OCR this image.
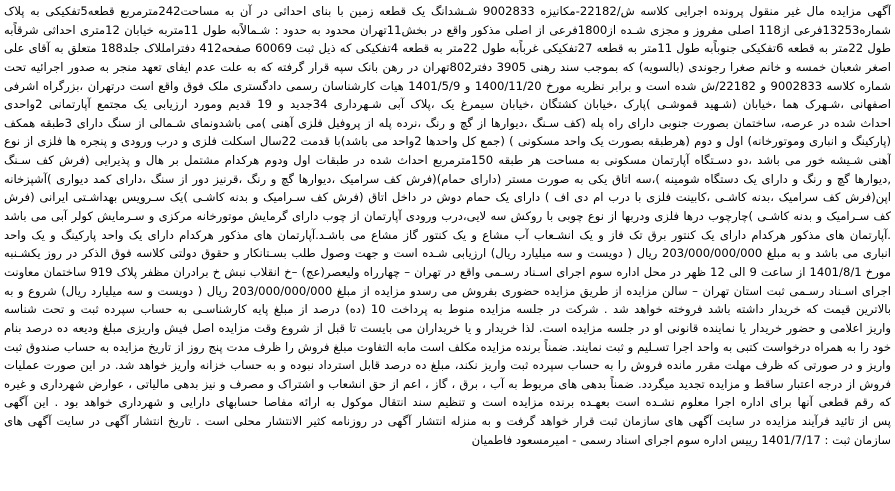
آگهی مزایده مال غیر منقول پرونده اجرایی کلاسه ش/22182-مکانیزه 9002833 شـشدانگ یک قطعه زمین با بنای احداثی در آن به مساحت242مترمربع قطعه5تفکیکی به پلاک
شماره13253فرعی از118 اصلی مفروز و مجزی شـده از1800فرعی از اصلی مذکور واقع در بخش11تهران محدود به حدود : شـمالاًبه طول 11متربه خیابان 12متری احداثی شرقاًبه
طول 22متر به قطعه 6تفکیکی جنوباًبه طول 11متر به قطعه 27تفکیکی غرباًبه طول 22متر به قطعه 4تفکیکی که ذیل ثبت 60069 صفحه412 دفترامللاک جلد188 متعلق به آقای علی
اصغر شعبان خمسه و خانم صغرا رجوندی (بالسویه) که بموجب سند رهنی 3905 دفتر802تهران در رهن بانک سپه قرار گرفته که به علت عدم ایفای تعهد منجر به صدور اجرائیه تحت
شماره کلاسه 9002833 و 22182/ش شده است و برابر نظریه مورخ 1400/11/20 و 1401/5/9 هیات کارشناسان رسمی دادگستری ملک فوق واقع است درتهران ،بزرگراه اشرفی
اصفهانی ،شـهرک هما ،خیابان (شـهید قموشـی )پارک ،خیابان کشتگان ،خیابان سیمرغ یک ،پلاک آبی شـهرداری 34جدید و 19 قدیم ومورد ارزیابی یک مجتمع آپارتمانی 2واحدی
احداث شده در عرصه، ساختمان بصورت جنوبی دارای راه پله (کف سـنگ ،دیوارها از گچ و رنگ ،نرده پله از پروفیل فلزی آهنی )می باشدونمای شـمالی از سنگ دارای 3طبقه همکف
(پارکینگ و انباری وموتورخانه) اول و دوم (هرطبقه بصورت یک واحد مسکونی ) (جمع کل واحدها 2واحد می باشد)با قدمت 22سال اسکلت فلزی و درب ورودی و پنجره ها فلزی از نوع
آهنی شـیشه خور می باشد ،دو دسـتگاه آپارتمان مسکونی به مساحت هر طبقه 150مترمربع احداث شده در طبقات اول ودوم هرکدام مشتمل بر هال و پذیرایی (فرش کف سـنگ
,دیوارها گچ و رنگ و دارای یک دستگاه شومینه )،سه اتاق یکی به صورت مستر (دارای حمام)(فرش کف سرامیک ،دیوارها گچ و رنگ ،قرنیز دور از سنگ ،دارای کمد دیواری )آشپزخانه
اپن(فرش کف سرامیک ،بدنه کاشـی ،کابینت فلزی با درب ام دی اف ) دارای یک حمام دوش در داخل اتاق (فرش کف سـرامیک و بدنه کاشـی )یک سـرویس بهداشـتی ایرانی (فرش
کف سـرامیک و بدنه کاشـی )چارچوب درها فلزی ودربها از نوع چوبی با روکش سه لایی،درب ورودی آپارتمان از چوب دارای گرمایش موتورخانه مرکزی و سـرمایش کولر آبی می باشد
.آپارتمان های مذکور هرکدام دارای یک کنتور برق تک فاز و یک انشـعاب آب مشاع و یک کنتور گاز مشاع می باشـد.آپارتمان های مذکور هرکدام دارای یک واحد پارکینگ و یک واحد
انباری می باشد و به مبلغ 203/000/000/000 ریال ( دویست و سه میلیارد ریال) ارزیابی شـده است و جهت وصول طلب بسـتانکار و حقوق دولتی کلاسه فوق الذکر در روز یکشـنبه
مورخ 1401/8/1 از ساعت 9 الی 12 ظهر در محل اداره سوم اجرای اسـناد رسـمی واقع در تهران – چهارراه ولیعصر(عج) –خ انقلاب نبش خ برادران مظفر پلاک 919 ساختمان معاونت
اجرای اسـناد رسـمی ثبت استان تهران – سالن مزایده از طریق مزایده حضوری بفروش می رسدو مزایده از مبلغ 203/000/000/000 ریال ( دویست و سه میلیارد ریال) شروع و به
بالاترین قیمت که خریدار داشته باشد فروخته خواهد شد . شرکت در جلسه مزایده منوط به پرداخت 10 (ده) درصد از مبلغ پایه کارشناسـی به حساب سپرده ثبت و تحت شناسه
واریز اعلامی و حضور خریدار یا نماینده قانونی او در جلسه مزایده است. لذا خریدار و یا خریداران می بایست تا قبل از شروع وقت مزایده اصل فیش واریزی مبلغ ودیعه ده درصد بنام
خود را به همراه درخواست کتبی به واحد اجرا تسـلیم و ثبت نمایند. ضمناً برنده مزایده مکلف است مابه التفاوت مبلغ فروش را ظرف مدت پنج روز از تاریخ مزایده به حساب صندوق ثبت
واریز و در صورتی که ظرف مهلت مقرر مانده فروش را به حساب سپرده ثبت واریز نکند، مبلغ ده درصد قابل استرداد نبوده و به حساب خزانه واریز خواهد شد. در این صورت عملیات
فروش از درجه اعتبار ساقط و مزایده تجدید میگردد. ضمناً بدهی های مربوط به آب ، برق ، گاز ، اعم از حق انشعاب و اشتراک و مصرف و نیز بدهی مالیاتی ، عوارض شهرداری و غیره
که رقم قطعی آنها برای اداره اجرا معلوم نشـده است بعهـده برنده مزایده است و تنظیم سند انتقال موکول به ارائه مفاصا حسابهای دارایی و شهرداری خواهد بود . این آگهی
پس از تائید فرآیند مزایده در سایت آگهی های سازمان ثبت قرار خواهد گرفت و به منزله انتشار آگهی در روزنامه کثیر الانتشار محلی است . تاریخ انتشار آگهی در سایت آگهی های
سازمان ثبت : 1401/7/17 رییس اداره سوم اجرای اسناد رسمی - امیرمسعود فاطمیان
